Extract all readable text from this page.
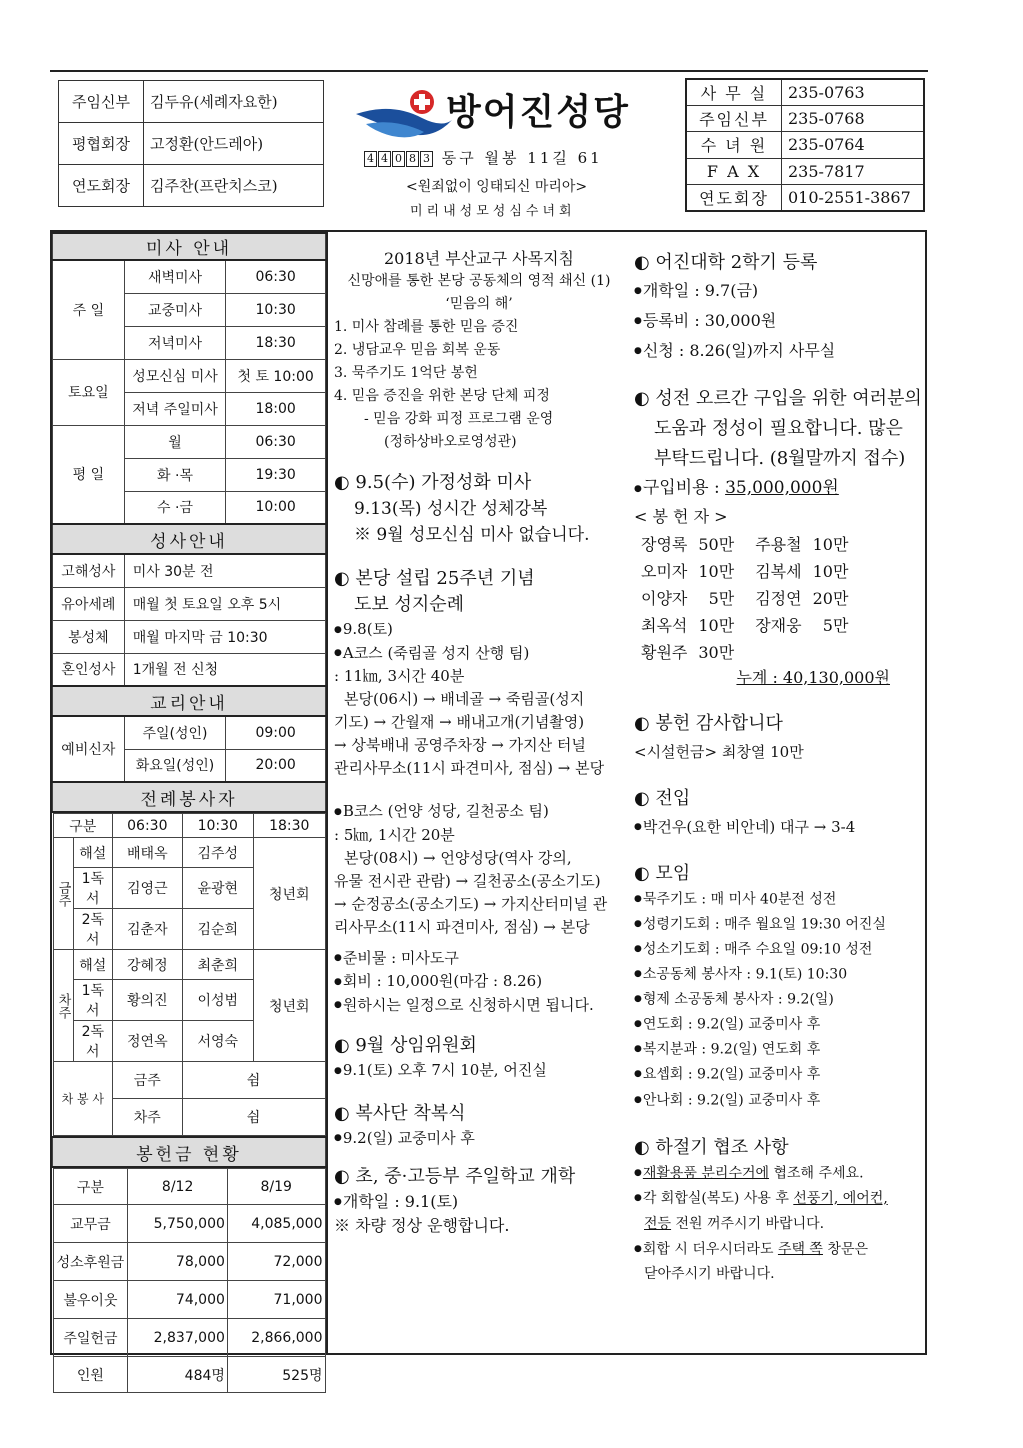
주임신부	김두유(세례자요한)
평협회장	고정환(안드레아)
연도회장	김주찬(프란치스코)
방어진성당
4 4 0 8 3 동구 월봉 11길 61
<원죄없이 잉태되신 마리아>
미리내성모성심수녀회
사 무 실	235-0763
주임신부	235-0768
수 녀 원	235-0764
F A X	235-7817
연도회장	010-2551-3867
미사 안내
주 일	새벽미사	06:30
교중미사	10:30
저녁미사	18:30
토요일	성모신심 미사	첫 토 10:00
저녁 주일미사	18:00
평 일	월	06:30
화 ·목	19:30
수 ·금	10:00
성사안내
고해성사	미사 30분 전
유아세례	매월 첫 토요일 오후 5시
봉성체	매월 마지막 금 10:30
혼인성사	1개월 전 신청
교리안내
예비신자	주일(성인)	09:00
화요일(성인)	20:00
전례봉사자

구분	06:30	10:30	18:30
금주	해설	배태옥	김주성	청년회
1독서	김영근	윤광현
2독서	김춘자	김순희
차주	해설	강혜정	최춘희	청년회
1독서	황의진	이성범
2독서	정연옥	서영숙
차 봉 사	금주	쉼
차주	쉼

봉헌금 현황

구분	8/12	8/19
교무금	5,750,000	4,085,000
성소후원금	78,000	72,000
불우이웃	74,000	71,000
주일헌금	2,837,000	2,866,000
인원	484명	525명

2018년 부산교구 사목지침

신망애를 통한 본당 공동체의 영적 쇄신 (1)

‘믿음의 해’

1. 미사 참례를 통한 믿음 증진

2. 냉담교우 믿음 회복 운동

3. 묵주기도 1억단 봉헌

4. 믿음 증진을 위한 본당 단체 피정

- 믿음 강화 피정 프로그램 운영

(정하상바오로영성관)

◐ 9.5(수) 가정성화 미사

9.13(목) 성시간 성체강복

※ 9월 성모신심 미사 없습니다.

◐ 본당 설립 25주년 기념

도보 성지순례

● 9.8(토)

● A코스 (죽림골 성지 산행 팀)

: 11㎞, 3시간 40분

본당(06시) → 배네골 → 죽림골(성지

기도) → 간월재 → 배내고개(기념촬영)

→ 상북배내 공영주차장 → 가지산 터널

관리사무소(11시 파견미사, 점심) → 본당

● B코스 (언양 성당, 길천공소 팀)

: 5㎞, 1시간 20분

본당(08시) → 언양성당(역사 강의,

유물 전시관 관람) → 길천공소(공소기도)

→ 순정공소(공소기도) → 가지산터미널 관

리사무소(11시 파견미사, 점심) → 본당

● 준비물 : 미사도구

● 회비 : 10,000원(마감 : 8.26)

● 원하시는 일정으로 신청하시면 됩니다.

◐ 9월 상임위원회

● 9.1(토) 오후 7시 10분, 어진실

◐ 복사단 착복식

● 9.2(일) 교중미사 후

◐ 초, 중·고등부 주일학교 개학

● 개학일 : 9.1(토)

※ 차량 정상 운행합니다.

◐ 어진대학 2학기 등록

● 개학일 : 9.7(금)

● 등록비 : 30,000원

● 신청 : 8.26(일)까지 사무실

◐ 성전 오르간 구입을 위한 여러분의

도움과 정성이 필요합니다. 많은

부탁드립니다. (8월말까지 접수)

● 구입비용 : 35,000,000원

< 봉 헌 자 >

장영록	50만	주용철	10만
오미자	10만	김복세	10만
이양자	5만	김정연	20만
최옥석	10만	장재웅	5만
황원주	30만		

누계 : 40,130,000원

◐ 봉헌 감사합니다

<시설헌금> 최창열 10만

◐ 전입

● 박건우(요한 비안네) 대구 → 3-4

◐ 모임

● 묵주기도 : 매 미사 40분전 성전

● 성령기도회 : 매주 월요일 19:30 어진실

● 성소기도회 : 매주 수요일 09:10 성전

● 소공동체 봉사자 : 9.1(토) 10:30

● 형제 소공동체 봉사자 : 9.2(일)

● 연도회 : 9.2(일) 교중미사 후

● 복지분과 : 9.2(일) 연도회 후

● 요셉회 : 9.2(일) 교중미사 후

● 안나회 : 9.2(일) 교중미사 후

◐ 하절기 협조 사항

● 재활용품 분리수거에 협조해 주세요.

● 각 회합실(복도) 사용 후 선풍기, 에어컨,

전등 전원 꺼주시기 바랍니다.

● 회합 시 더우시더라도 주택 쪽 창문은

닫아주시기 바랍니다.
